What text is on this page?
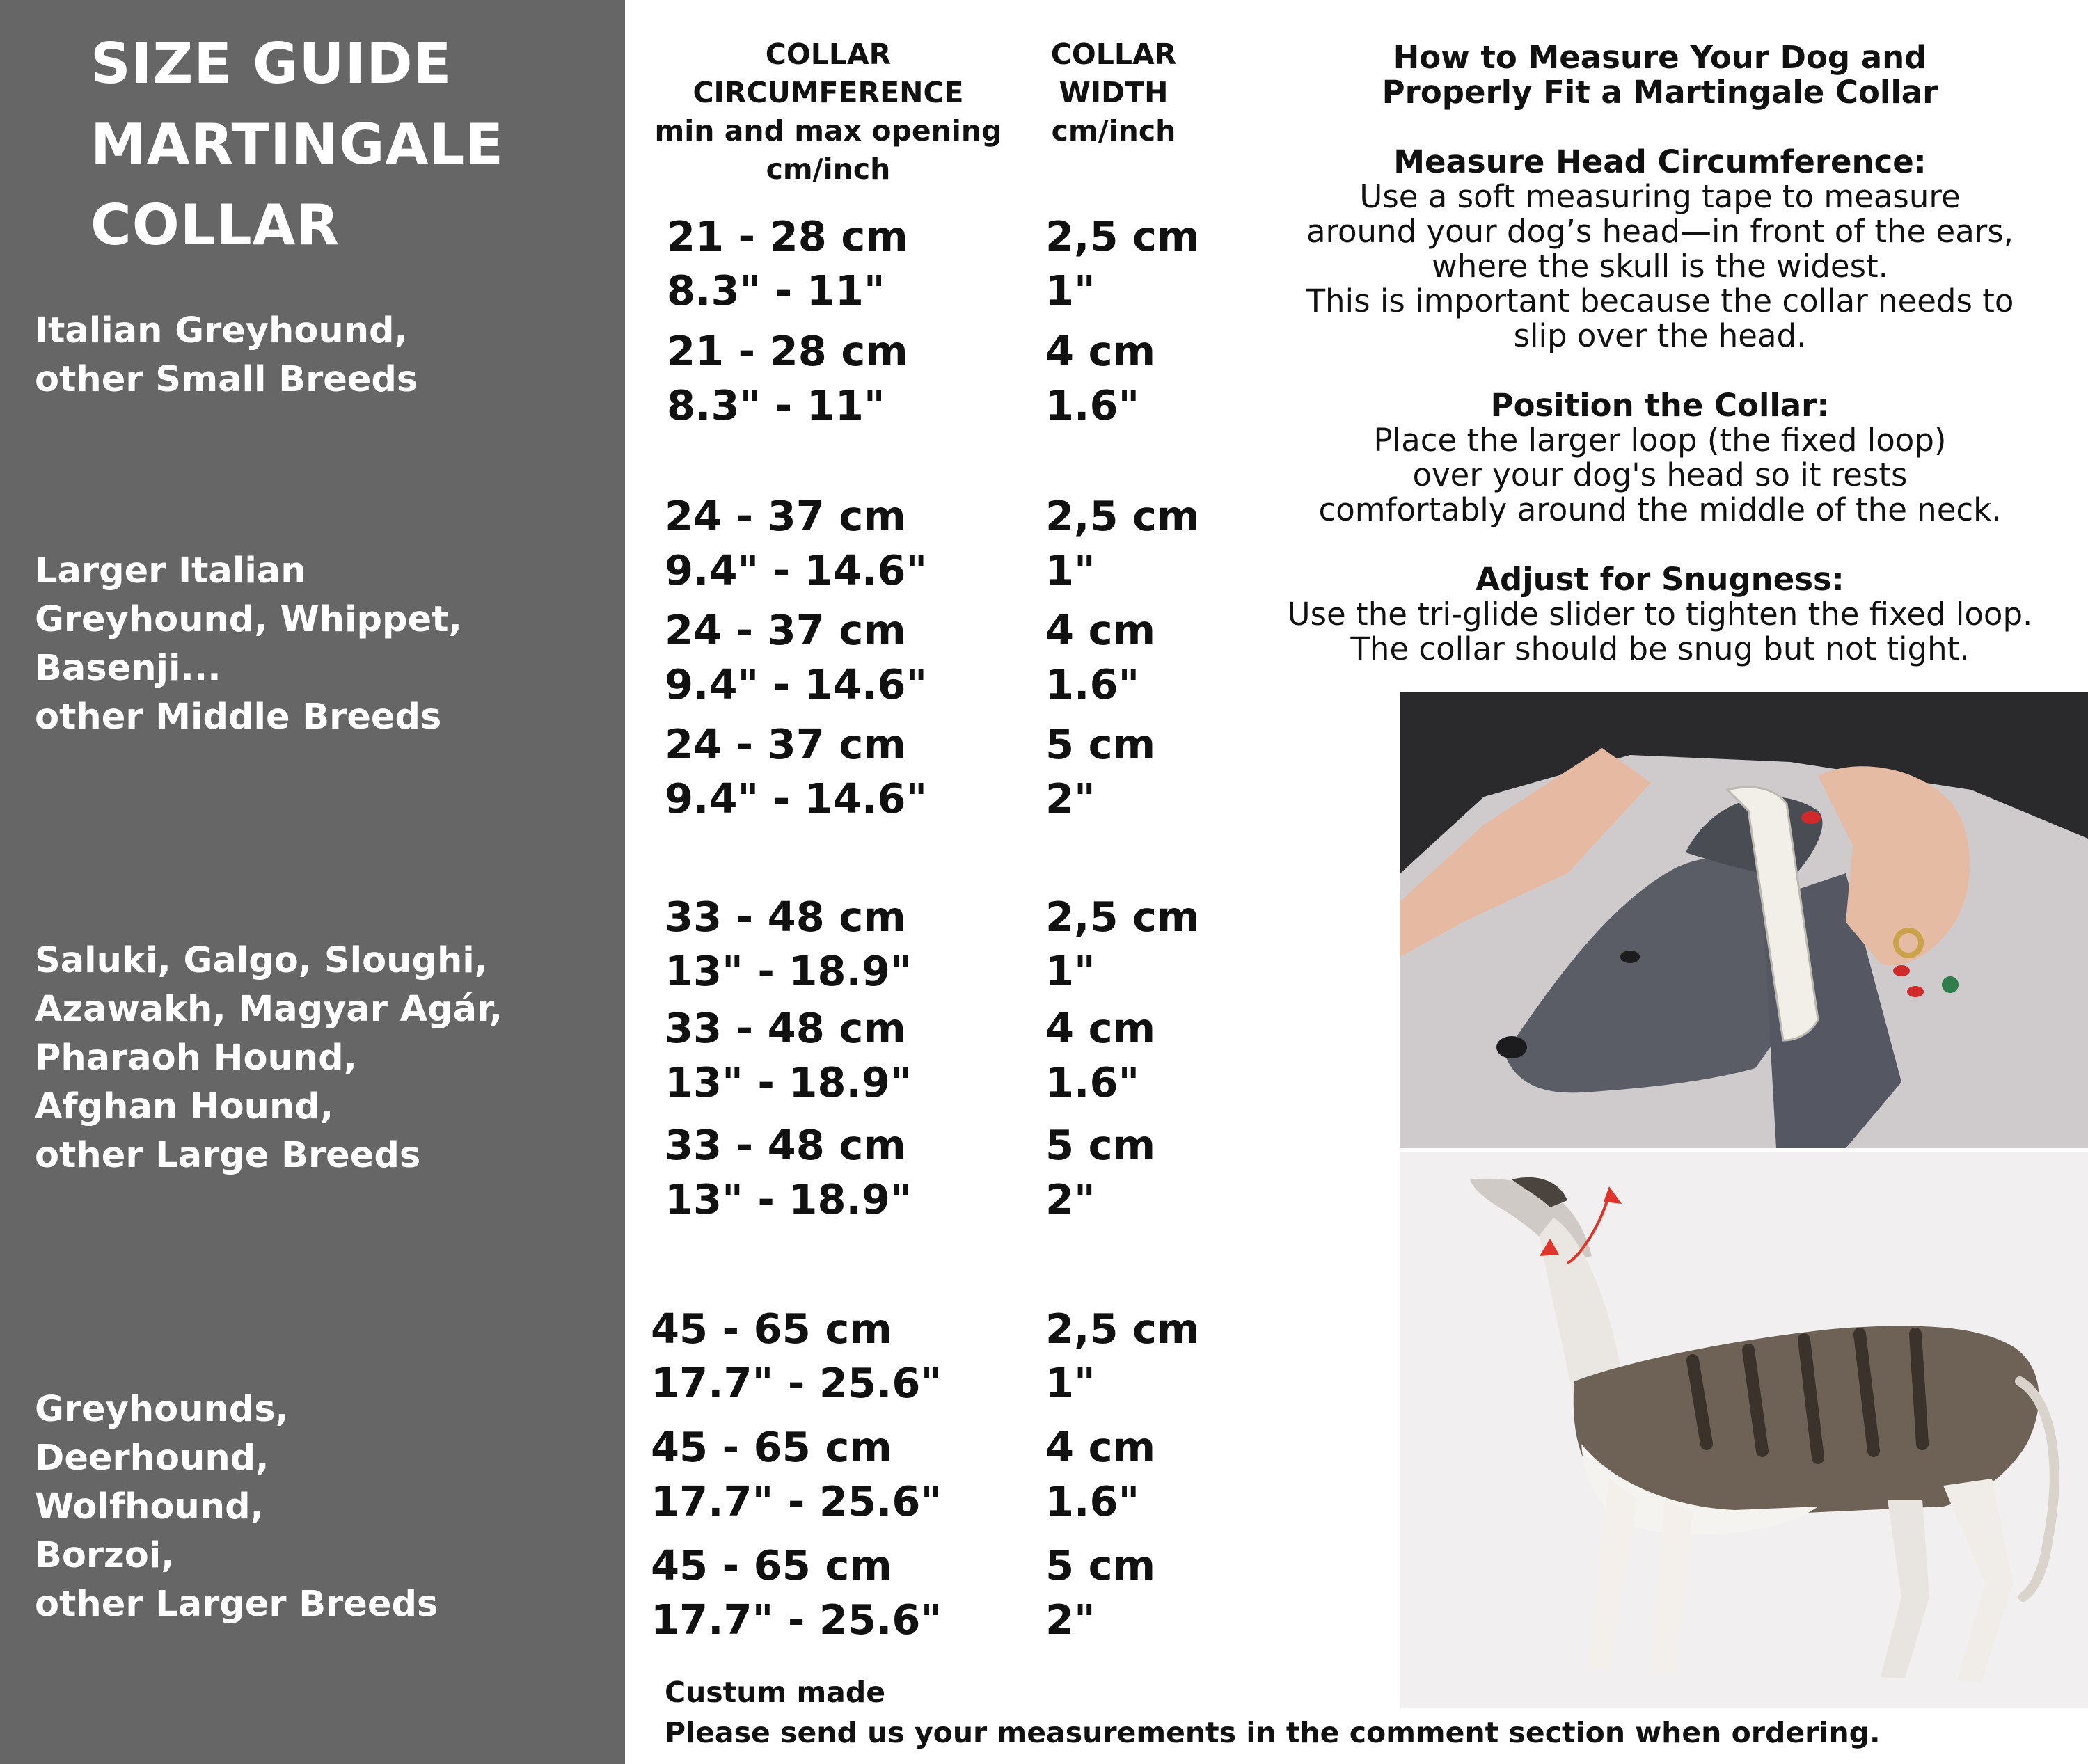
SIZE GUIDE
MARTINGALE
COLLAR
Italian Greyhound,
other Small Breeds
Larger Italian
Greyhound, Whippet,
Basenji...
other Middle Breeds
Saluki, Galgo, Sloughi,
Azawakh, Magyar Agár,
Pharaoh Hound,
Afghan Hound,
other Large Breeds
Greyhounds,
Deerhound,
Wolfhound,
Borzoi,
other Larger Breeds
COLLAR
CIRCUMFERENCE
min and max opening
cm/inch
COLLAR
WIDTH
cm/inch
21 - 28 cm
8.3" - 11"
2,5 cm
1"
21 - 28 cm
8.3" - 11"
4 cm
1.6"
24 - 37 cm
9.4" - 14.6"
2,5 cm
1"
24 - 37 cm
9.4" - 14.6"
4 cm
1.6"
24 - 37 cm
9.4" - 14.6"
5 cm
2"
33 - 48 cm
13" - 18.9"
2,5 cm
1"
33 - 48 cm
13" - 18.9"
4 cm
1.6"
33 - 48 cm
13" - 18.9"
5 cm
2"
45 - 65 cm
17.7" - 25.6"
2,5 cm
1"
45 - 65 cm
17.7" - 25.6"
4 cm
1.6"
45 - 65 cm
17.7" - 25.6"
5 cm
2"
Custum made
Please send us your measurements in the comment section when ordering.
How to Measure Your Dog and
Properly Fit a Martingale Collar
Measure Head Circumference:
Use a soft measuring tape to measure
around your dog’s head—in front of the ears,
where the skull is the widest.
This is important because the collar needs to
slip over the head.
Position the Collar:
Place the larger loop (the fixed loop)
over your dog's head so it rests
comfortably around the middle of the neck.
Adjust for Snugness:
Use the tri-glide slider to tighten the fixed loop.
The collar should be snug but not tight.
